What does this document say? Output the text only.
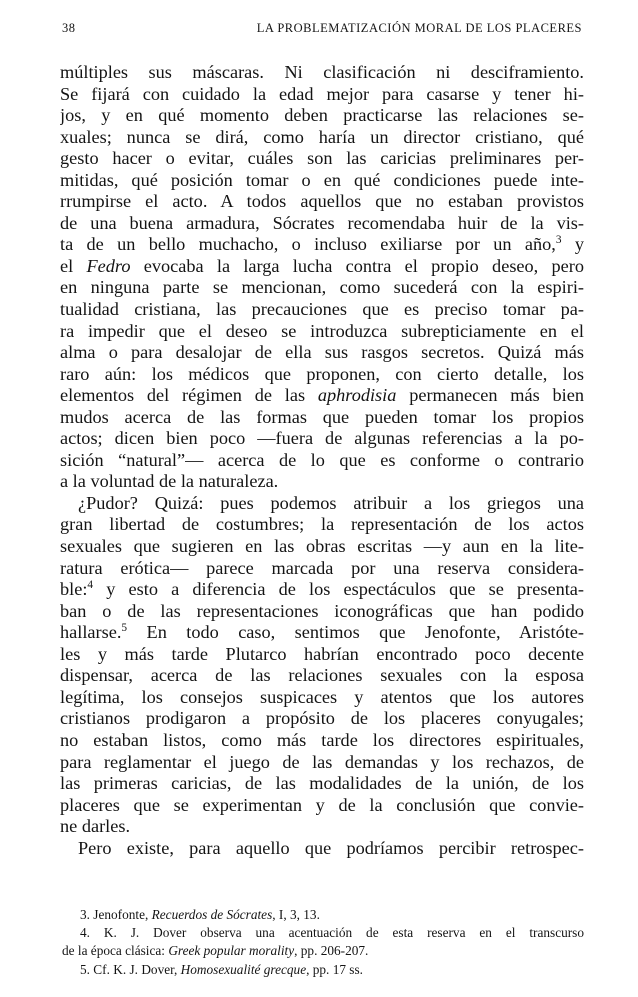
38	LA PROBLEMATIZACIÓN MORAL DE LOS PLACERES
múltiples sus máscaras. Ni clasificación ni desciframiento.
Se fijará con cuidado la edad mejor para casarse y tener hi-
jos, y en qué momento deben practicarse las relaciones se-
xuales; nunca se dirá, como haría un director cristiano, qué
gesto hacer o evitar, cuáles son las caricias preliminares per-
mitidas, qué posición tomar o en qué condiciones puede inte-
rrumpirse el acto. A todos aquellos que no estaban provistos
de una buena armadura, Sócrates recomendaba huir de la vis-
ta de un bello muchacho, o incluso exiliarse por un año,$^3$ y
el Fedro evocaba la larga lucha contra el propio deseo, pero
en ninguna parte se mencionan, como sucederá con la espiri-
tualidad cristiana, las precauciones que es preciso tomar pa-
ra impedir que el deseo se introduzca subrepticiamente en el
alma o para desalojar de ella sus rasgos secretos. Quizá más
raro aún: los médicos que proponen, con cierto detalle, los
elementos del régimen de las aphrodisia permanecen más bien
mudos acerca de las formas que pueden tomar los propios
actos; dicen bien poco —fuera de algunas referencias a la po-
sición “natural”— acerca de lo que es conforme o contrario
a la voluntad de la naturaleza.
¿Pudor? Quizá: pues podemos atribuir a los griegos una
gran libertad de costumbres; la representación de los actos
sexuales que sugieren en las obras escritas —y aun en la lite-
ratura erótica— parece marcada por una reserva considera-
ble:$^4$ y esto a diferencia de los espectáculos que se presenta-
ban o de las representaciones iconográficas que han podido
hallarse.$^5$ En todo caso, sentimos que Jenofonte, Aristóte-
les y más tarde Plutarco habrían encontrado poco decente
dispensar, acerca de las relaciones sexuales con la esposa
legítima, los consejos suspicaces y atentos que los autores
cristianos prodigaron a propósito de los placeres conyugales;
no estaban listos, como más tarde los directores espirituales,
para reglamentar el juego de las demandas y los rechazos, de
las primeras caricias, de las modalidades de la unión, de los
placeres que se experimentan y de la conclusión que convie-
ne darles.
Pero existe, para aquello que podríamos percibir retrospec-
3. Jenofonte, Recuerdos de Sócrates, I, 3, 13.
4. K. J. Dover observa una acentuación de esta reserva en el transcurso
de la época clásica: Greek popular morality, pp. 206-207.
5. Cf. K. J. Dover, Homosexualité grecque, pp. 17 ss.
